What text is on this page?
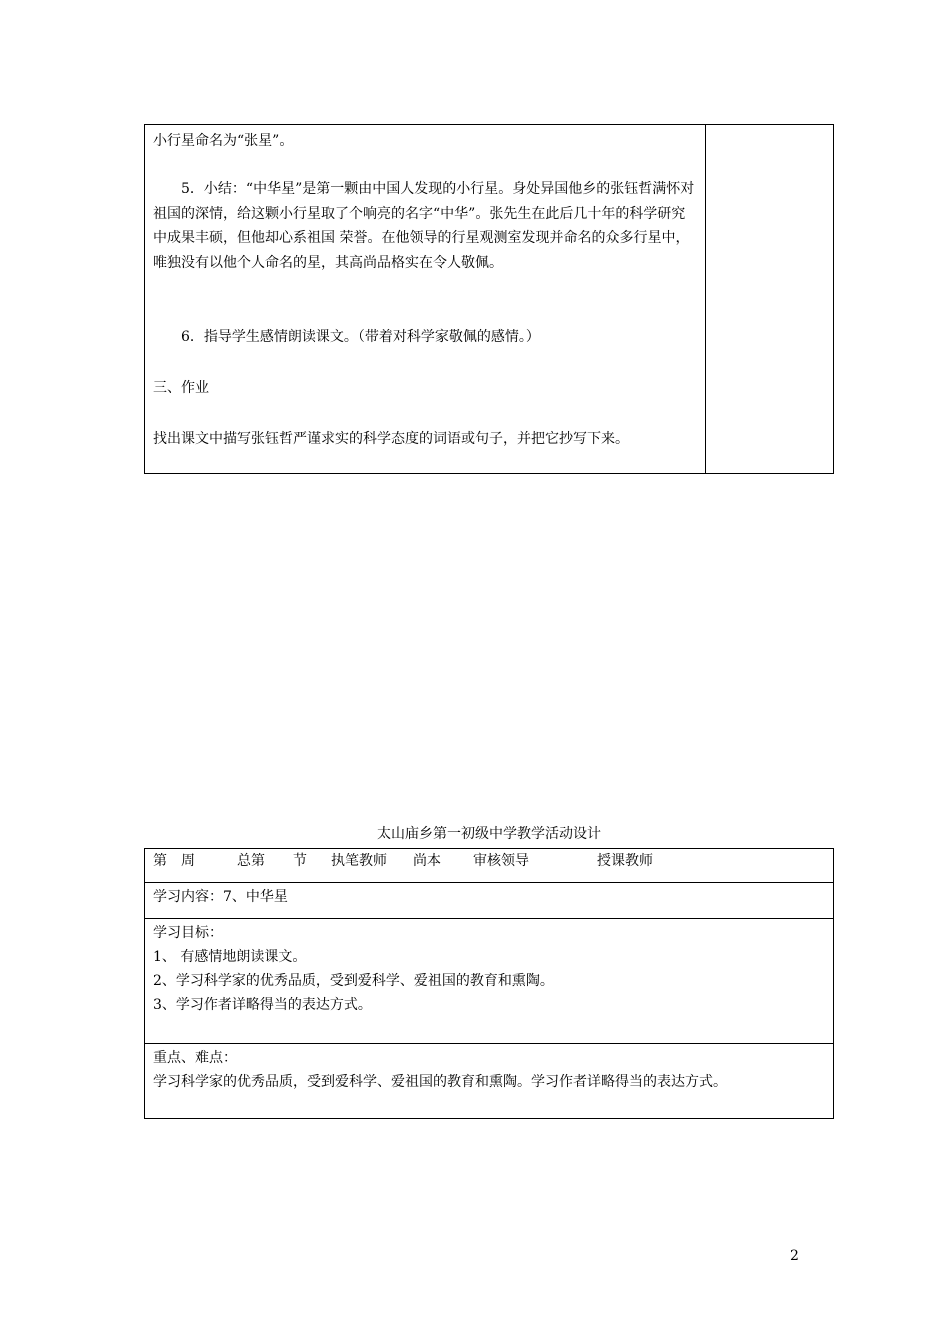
小行星命名为“张星”。

　　5．小结：“中华星”是第一颗由中国人发现的小行星。身处异国他乡的张钰哲满怀对祖国的深情，给这颗小行星取了个响亮的名字“中华”。张先生在此后几十年的科学研究中成果丰硕，但他却心系祖国 荣誉。在他领导的行星观测室发现并命名的众多行星中，唯独没有以他个人命名的星，其高尚品格实在令人敬佩。

　　6．指导学生感情朗读课文。（带着对科学家敬佩的感情。）

三、作业

找出课文中描写张钰哲严谨求实的科学态度的词语或句子，并把它抄写下来。

太山庙乡第一初级中学教学活动设计
第　周	总第　　节 执笔教师 尚本 审核领导	授课教师

学习内容：7、中华星

学习目标：

1、 有感情地朗读课文。

2、学习科学家的优秀品质，受到爱科学、爱祖国的教育和熏陶。

3、学习作者详略得当的表达方式。

重点、难点：

学习科学家的优秀品质，受到爱科学、爱祖国的教育和熏陶。学习作者详略得当的表达方式。

2
